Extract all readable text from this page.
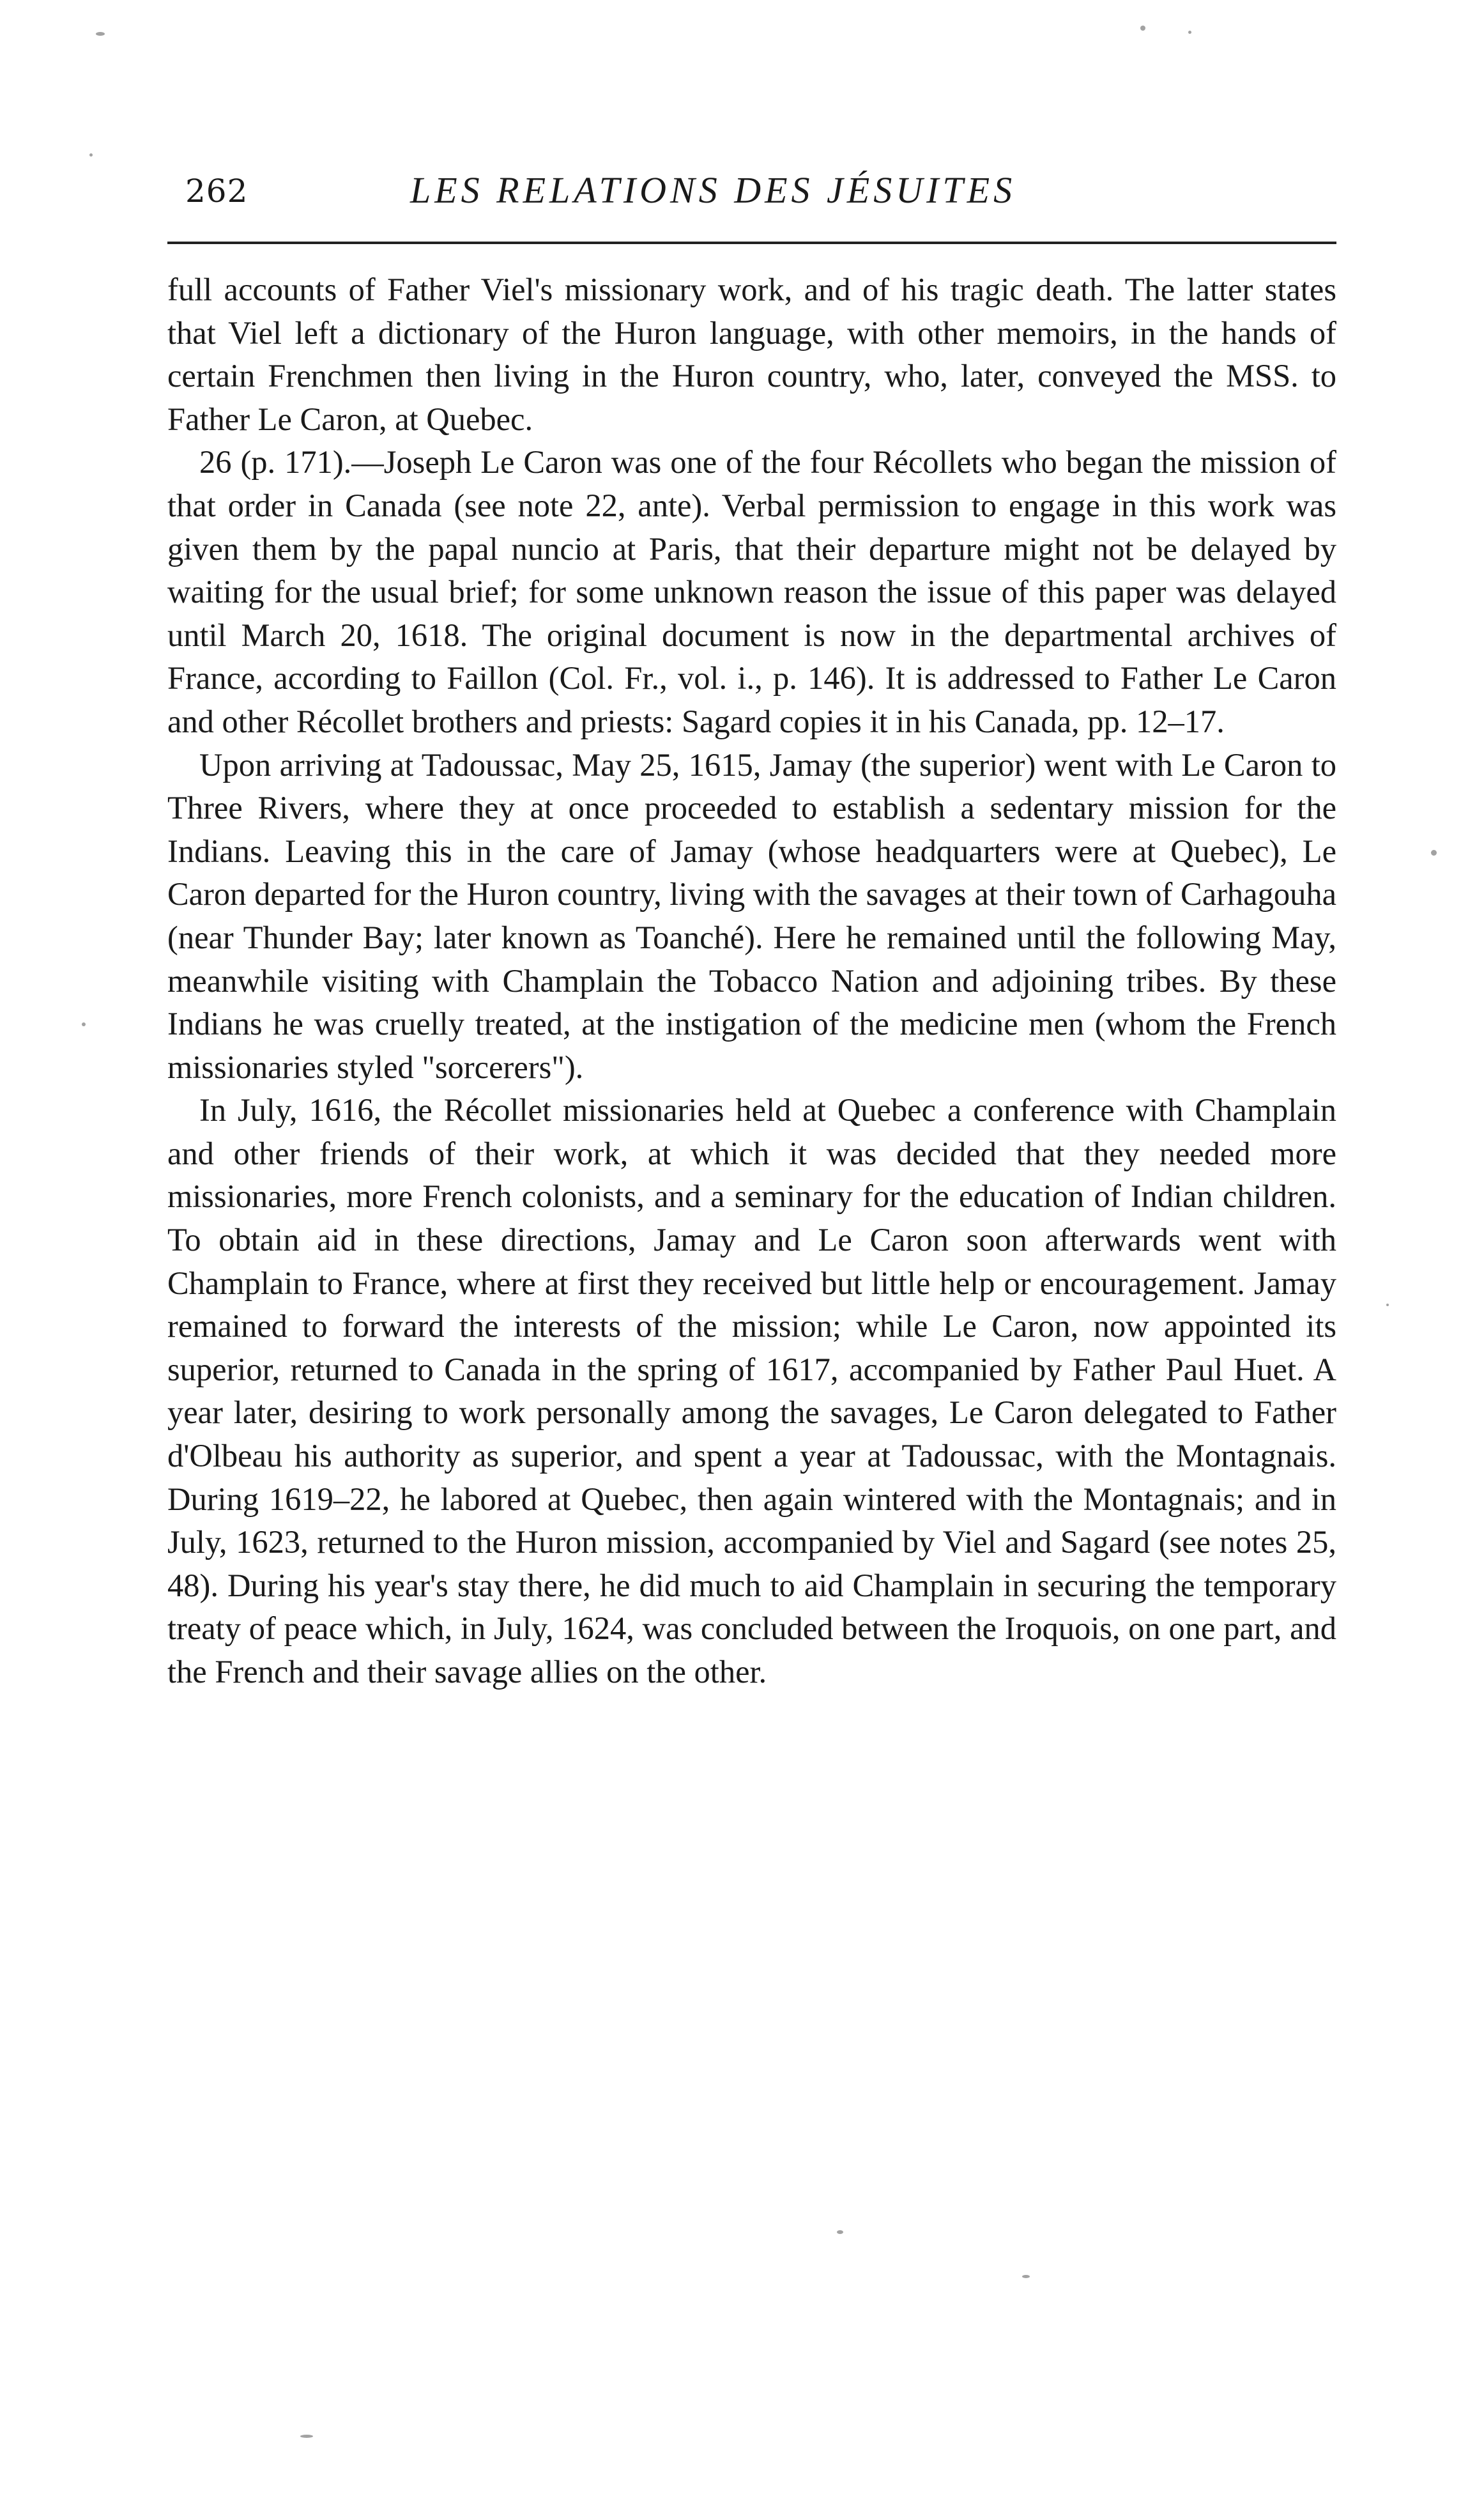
262	LES RELATIONS DES JÉSUITES

full accounts of Father Viel's missionary work, and of his tragic death. The latter states that Viel left a dictionary of the Huron language, with other memoirs, in the hands of certain Frenchmen then living in the Huron country, who, later, conveyed the MSS. to Father Le Caron, at Quebec.

26 (p. 171).—Joseph Le Caron was one of the four Récollets who began the mission of that order in Canada (see note 22, ante). Verbal permission to engage in this work was given them by the papal nuncio at Paris, that their departure might not be delayed by waiting for the usual brief; for some unknown reason the issue of this paper was delayed until March 20, 1618. The original document is now in the departmental archives of France, according to Faillon (Col. Fr., vol. i., p. 146). It is addressed to Father Le Caron and other Récollet brothers and priests: Sagard copies it in his Canada, pp. 12–17.

Upon arriving at Tadoussac, May 25, 1615, Jamay (the superior) went with Le Caron to Three Rivers, where they at once proceeded to establish a sedentary mission for the Indians. Leaving this in the care of Jamay (whose headquarters were at Quebec), Le Caron departed for the Huron country, living with the savages at their town of Carhagouha (near Thunder Bay; later known as Toanché). Here he remained until the following May, meanwhile visiting with Champlain the Tobacco Nation and adjoining tribes. By these Indians he was cruelly treated, at the instigation of the medicine men (whom the French missionaries styled "sorcerers").

In July, 1616, the Récollet missionaries held at Quebec a conference with Champlain and other friends of their work, at which it was decided that they needed more missionaries, more French colonists, and a seminary for the education of Indian children. To obtain aid in these directions, Jamay and Le Caron soon afterwards went with Champlain to France, where at first they received but little help or encouragement. Jamay remained to forward the interests of the mission; while Le Caron, now appointed its superior, returned to Canada in the spring of 1617, accompanied by Father Paul Huet. A year later, desiring to work personally among the savages, Le Caron delegated to Father d'Olbeau his authority as superior, and spent a year at Tadoussac, with the Montagnais. During 1619–22, he labored at Quebec, then again wintered with the Montagnais; and in July, 1623, returned to the Huron mission, accompanied by Viel and Sagard (see notes 25, 48). During his year's stay there, he did much to aid Champlain in securing the temporary treaty of peace which, in July, 1624, was concluded between the Iroquois, on one part, and the French and their savage allies on the other.
